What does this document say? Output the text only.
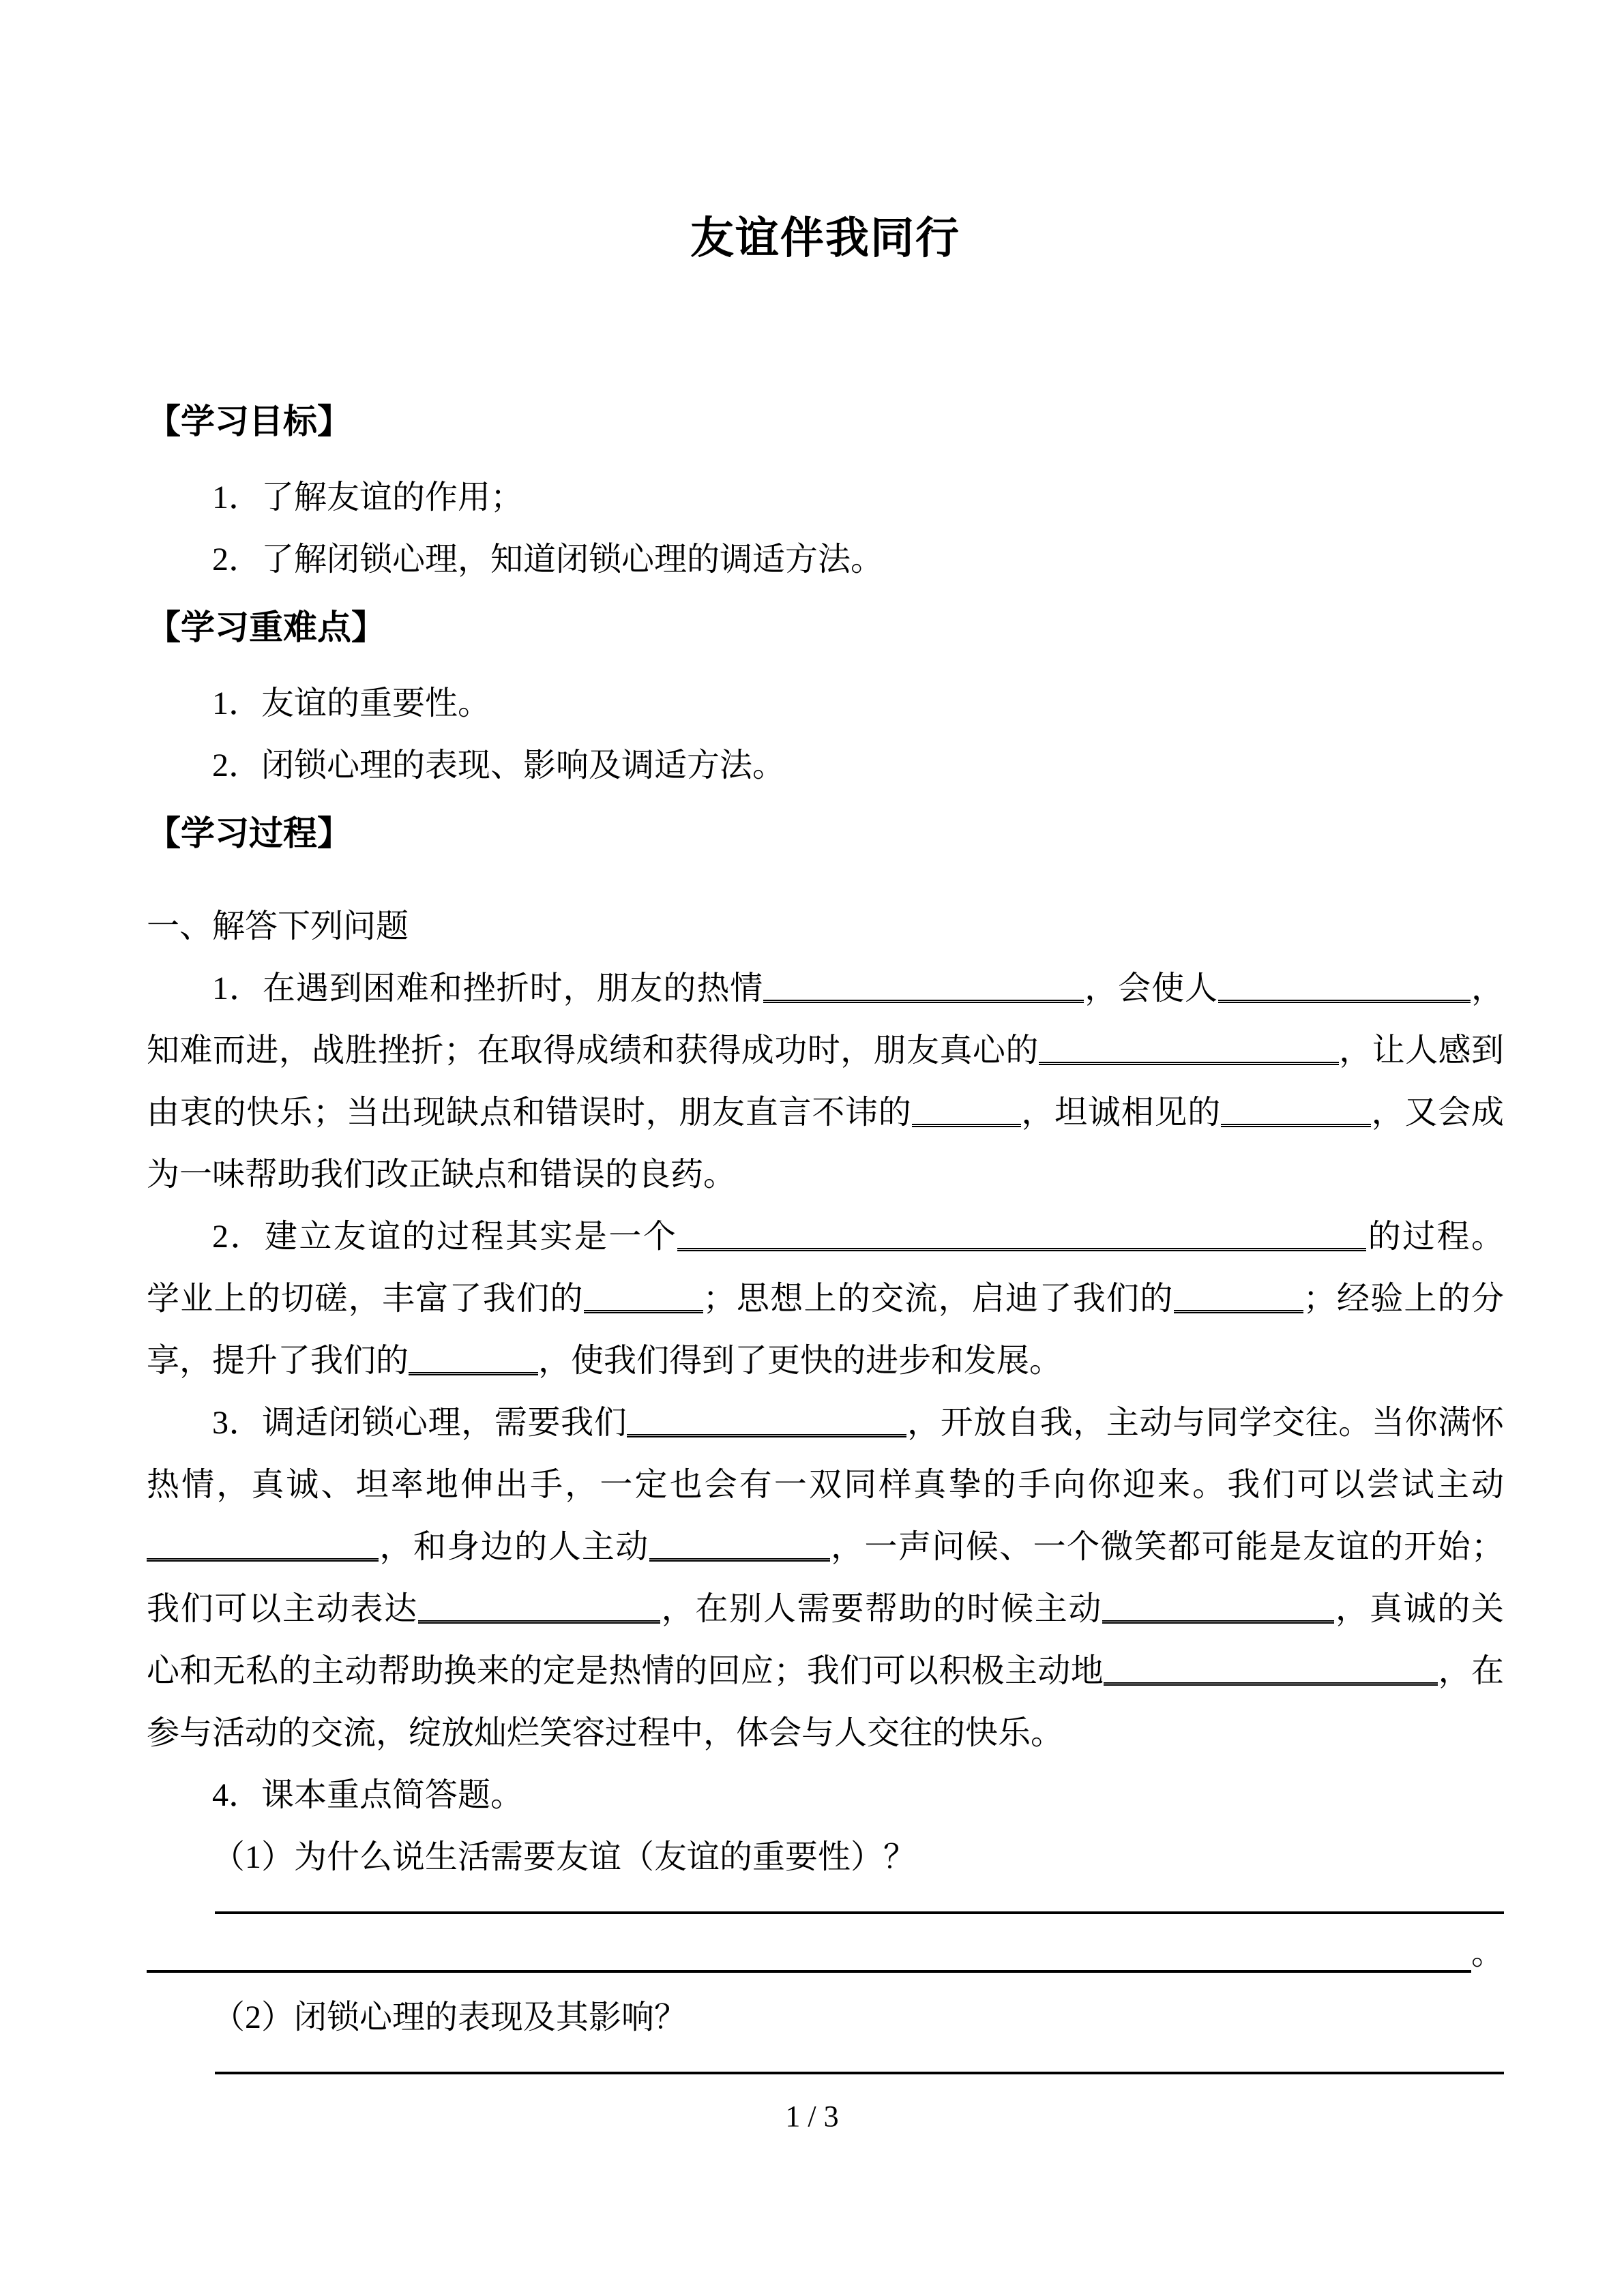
友谊伴我同行
【学习目标】
1．了解友谊的作用；
2．了解闭锁心理，知道闭锁心理的调适方法。
【学习重难点】
1．友谊的重要性。
2．闭锁心理的表现、影响及调适方法。
【学习过程】
一、解答下列问题
1．在遇到困难和挫折时，朋友的热情	，会使人	，知难而进，战胜挫折；在取得成绩和获得成功时，朋友真心的	，让人感到由衷的快乐；当出现缺点和错误时，朋友直言不讳的	，坦诚相见的	，又会成为一味帮助我们改正缺点和错误的良药。
2．建立友谊的过程其实是一个	的过程。学业上的切磋，丰富了我们的	；思想上的交流，启迪了我们的	；经验上的分享，提升了我们的	，使我们得到了更快的进步和发展。
3．调适闭锁心理，需要我们	，开放自我，主动与同学交往。当你满怀热情，真诚、坦率地伸出手，一定也会有一双同样真挚的手向你迎来。我们可以尝试主动，和身边的人主动	，一声问候、一个微笑都可能是友谊的开始；我们可以主动表达	，在别人需要帮助的时候主动	，真诚的关心和无私的主动帮助换来的定是热情的回应；我们可以积极主动地	，在参与活动的交流，绽放灿烂笑容过程中，体会与人交往的快乐。
4．课本重点简答题。
（1）为什么说生活需要友谊（友谊的重要性）？
。
（2）闭锁心理的表现及其影响？
1 / 3
